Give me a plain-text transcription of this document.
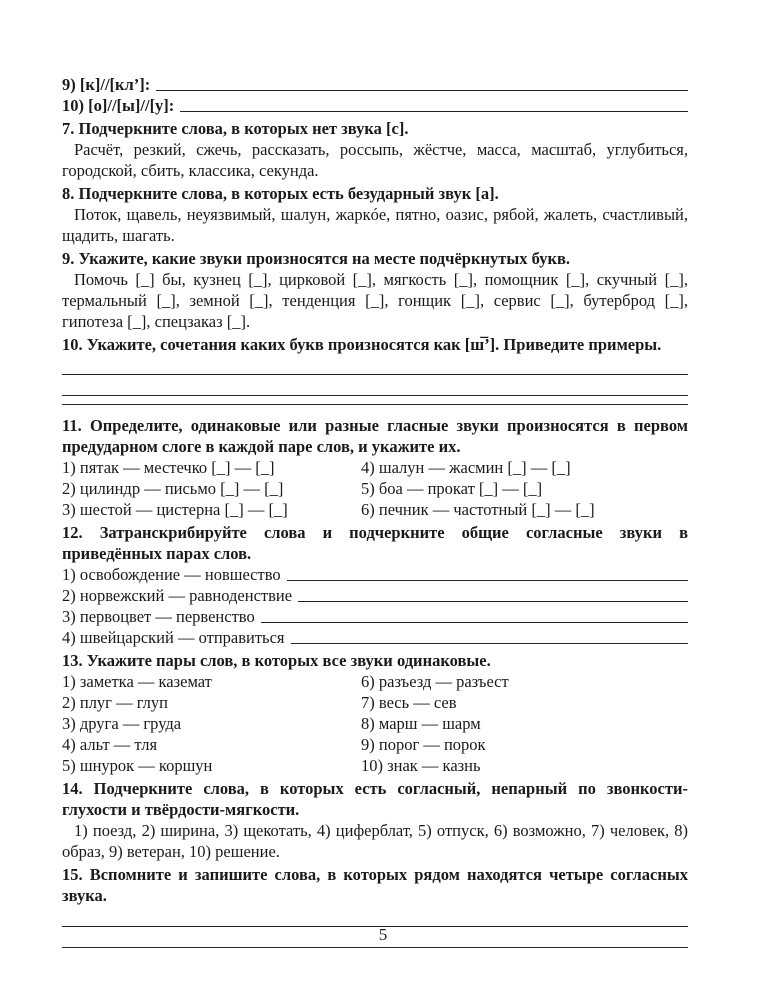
9) [к]//[кл’]:
10) [о]//[ы]//[у]:
7. Подчеркните слова, в которых нет звука [с].
Расчёт, резкий, сжечь, рассказать, россыпь, жёстче, масса, масштаб, углубиться, городской, сбить, классика, секунда.
8. Подчеркните слова, в которых есть безударный звук [а].
Поток, щавель, неуязвимый, шалун, жаркóе, пятно, оазис, рябой, жалеть, счастливый, щадить, шагать.
9. Укажите, какие звуки произносятся на месте подчёркнутых букв.
Помочь [_] бы, кузнец [_], цирковой [_], мягкость [_], помощник [_], скучный [_], термальный [_], земной [_], тенденция [_], гонщик [_], сервис [_], бутерброд [_], гипотеза [_], спецзаказ [_].
10. Укажите, сочетания каких букв произносятся как [ш̅’]. Приведите примеры.
11. Определите, одинаковые или разные гласные звуки произносятся в первом предударном слоге в каждой паре слов, и укажите их.
1) пятак — местечко [_] — [_]	4) шалун — жасмин [_] — [_]
2) цилиндр — письмо [_] — [_]	5) боа — прокат [_] — [_]
3) шестой — цистерна [_] — [_]	6) печник — частотный [_] — [_]
12. Затранскрибируйте слова и подчеркните общие согласные звуки в приведённых парах слов.
1) освобождение — новшество
2) норвежский — равноденствие
3) первоцвет — первенство
4) швейцарский — отправиться
13. Укажите пары слов, в которых все звуки одинаковые.
1) заметка — каземат	6) разъезд — разъест
2) плуг — глуп	7) весь — сев
3) друга — груда	8) марш — шарм
4) альт — тля	9) порог — порок
5) шнурок — коршун	10) знак — казнь
14. Подчеркните слова, в которых есть согласный, непарный по звонкости-глухости и твёрдости-мягкости.
1) поезд, 2) ширина, 3) щекотать, 4) циферблат, 5) отпуск, 6) возможно, 7) человек, 8) образ, 9) ветеран, 10) решение.
15. Вспомните и запишите слова, в которых рядом находятся четыре согласных звука.
5
